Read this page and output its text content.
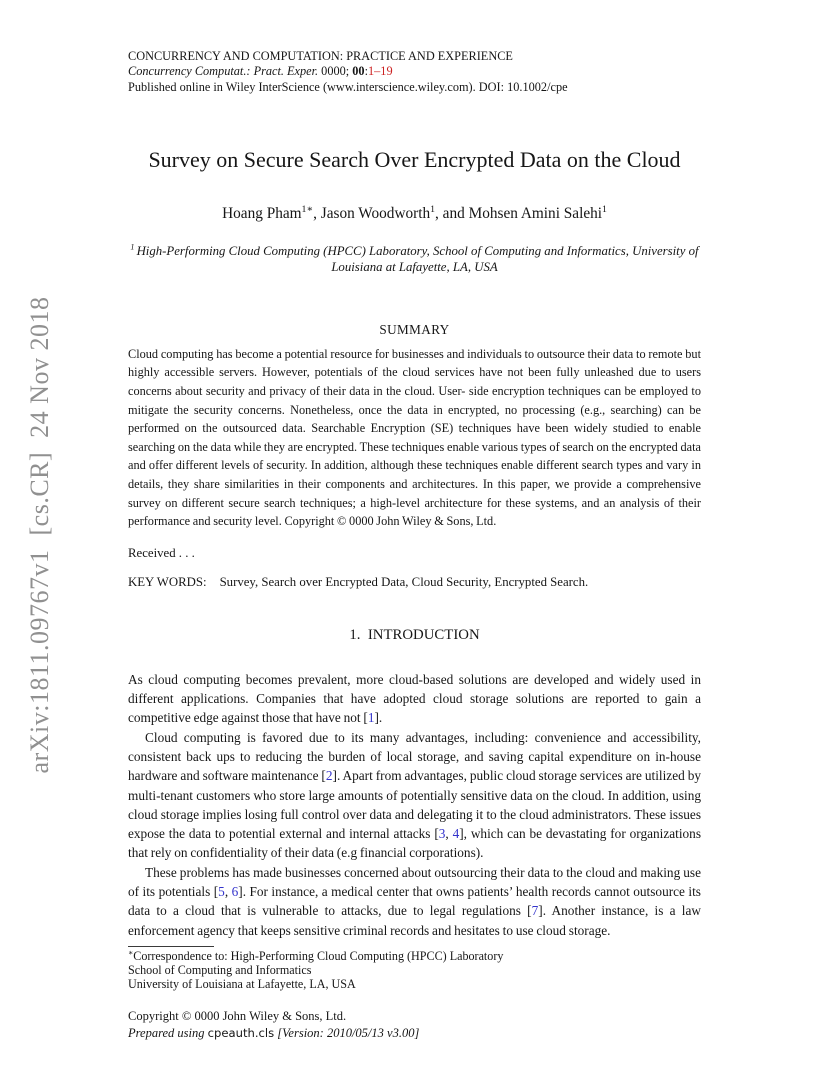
arXiv:1811.09767v1  [cs.CR]  24 Nov 2018
CONCURRENCY AND COMPUTATION: PRACTICE AND EXPERIENCE
Concurrency Computat.: Pract. Exper. 0000; 00:1–19
Published online in Wiley InterScience (www.interscience.wiley.com). DOI: 10.1002/cpe
Survey on Secure Search Over Encrypted Data on the Cloud
Hoang Pham$^{1∗}$, Jason Woodworth$^1$, and Mohsen Amini Salehi$^1$
$^1$ High-Performing Cloud Computing (HPCC) Laboratory, School of Computing and Informatics, University of Louisiana at Lafayette, LA, USA
SUMMARY

Cloud computing has become a potential resource for businesses and individuals to outsource their data to remote but highly accessible servers. However, potentials of the cloud services have not been fully unleashed due to users concerns about security and privacy of their data in the cloud. User- side encryption techniques can be employed to mitigate the security concerns. Nonetheless, once the data in encrypted, no processing (e.g., searching) can be performed on the outsourced data. Searchable Encryption (SE) techniques have been widely studied to enable searching on the data while they are encrypted. These techniques enable various types of search on the encrypted data and offer different levels of security. In addition, although these techniques enable different search types and vary in details, they share similarities in their components and architectures. In this paper, we provide a comprehensive survey on different secure search techniques; a high-level architecture for these systems, and an analysis of their performance and security level. Copyright © 0000 John Wiley & Sons, Ltd.

Received . . .
KEY WORDS: Survey, Search over Encrypted Data, Cloud Security, Encrypted Search.
1.  INTRODUCTION

As cloud computing becomes prevalent, more cloud-based solutions are developed and widely used in different applications. Companies that have adopted cloud storage solutions are reported to gain a competitive edge against those that have not [1].

Cloud computing is favored due to its many advantages, including: convenience and accessibility, consistent back ups to reducing the burden of local storage, and saving capital expenditure on in-house hardware and software maintenance [2]. Apart from advantages, public cloud storage services are utilized by multi-tenant customers who store large amounts of potentially sensitive data on the cloud. In addition, using cloud storage implies losing full control over data and delegating it to the cloud administrators. These issues expose the data to potential external and internal attacks [3, 4], which can be devastating for organizations that rely on confidentiality of their data (e.g financial corporations).

These problems has made businesses concerned about outsourcing their data to the cloud and making use of its potentials [5, 6]. For instance, a medical center that owns patients’ health records cannot outsource its data to a cloud that is vulnerable to attacks, due to legal regulations [7]. Another instance, is a law enforcement agency that keeps sensitive criminal records and hesitates to use cloud storage.

∗Correspondence to: High-Performing Cloud Computing (HPCC) Laboratory
School of Computing and Informatics
University of Louisiana at Lafayette, LA, USA
Copyright © 0000 John Wiley & Sons, Ltd.
Prepared using cpeauth.cls [Version: 2010/05/13 v3.00]
